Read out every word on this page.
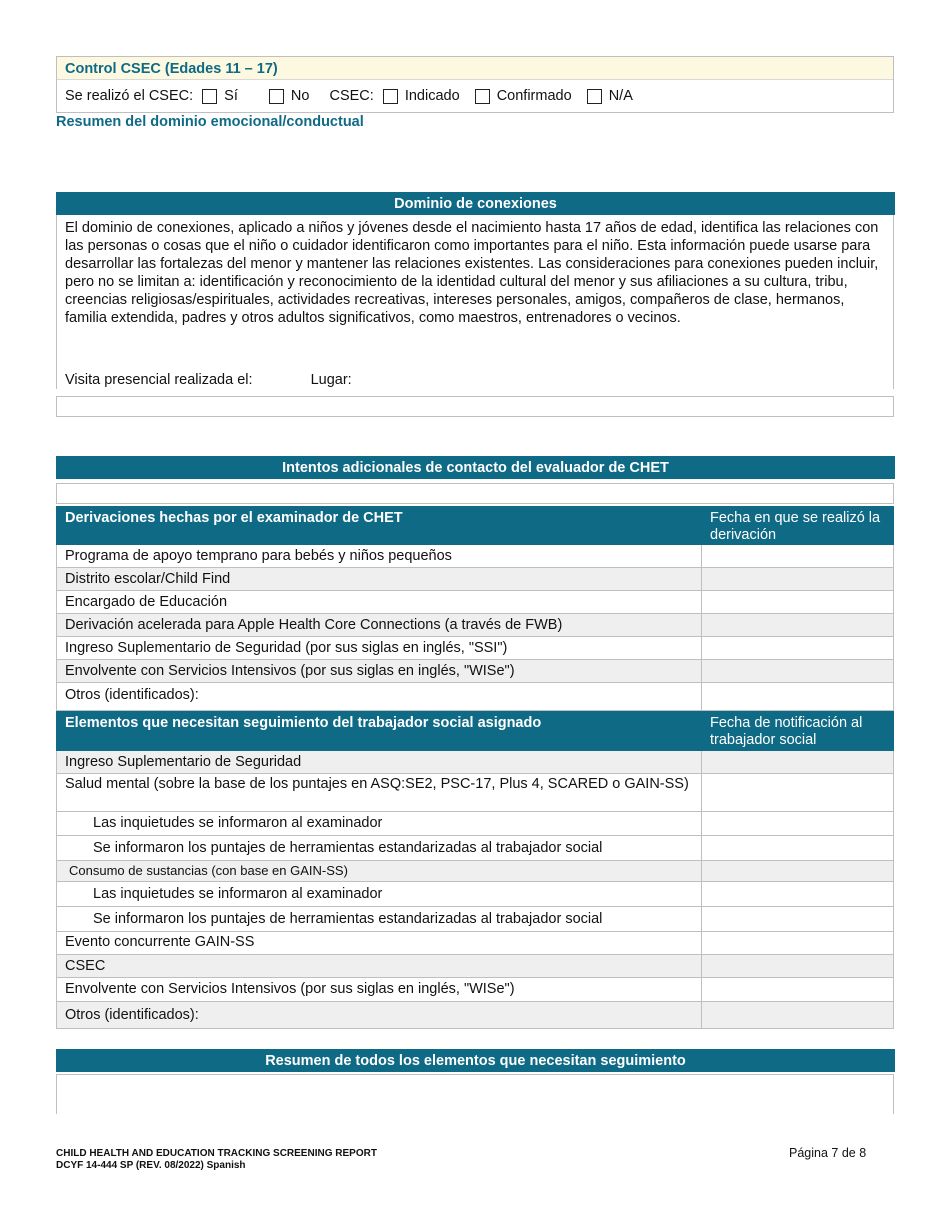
Control CSEC (Edades 11 – 17)
Se realizó el CSEC: Sí	No CSEC: Indicado	Confirmado	N/A
Resumen del dominio emocional/conductual
Dominio de conexiones
El dominio de conexiones, aplicado a niños y jóvenes desde el nacimiento hasta 17 años de edad, identifica las relaciones con las personas o cosas que el niño o cuidador identificaron como importantes para el niño. Esta información puede usarse para desarrollar las fortalezas del menor y mantener las relaciones existentes. Las consideraciones para conexiones pueden incluir, pero no se limitan a: identificación y reconocimiento de la identidad cultural del menor y sus afiliaciones a su cultura, tribu, creencias religiosas/espirituales, actividades recreativas, intereses personales, amigos, compañeros de clase, hermanos, familia extendida, padres y otros adultos significativos, como maestros, entrenadores o vecinos.
Visita presencial realizada el:	Lugar:
Intentos adicionales de contacto del evaluador de CHET
Derivaciones hechas por el examinador de CHET	Fecha en que se realizó la derivación
Programa de apoyo temprano para bebés y niños pequeños	
Distrito escolar/Child Find	
Encargado de Educación	
Derivación acelerada para Apple Health Core Connections (a través de FWB)	
Ingreso Suplementario de Seguridad (por sus siglas en inglés, "SSI")	
Envolvente con Servicios Intensivos (por sus siglas en inglés, "WISe")	
Otros (identificados):	
Elementos que necesitan seguimiento del trabajador social asignado	Fecha de notificación al trabajador social
Ingreso Suplementario de Seguridad	
Salud mental (sobre la base de los puntajes en ASQ:SE2, PSC-17, Plus 4, SCARED o GAIN-SS)	
Las inquietudes se informaron al examinador	
Se informaron los puntajes de herramientas estandarizadas al trabajador social	
Consumo de sustancias (con base en GAIN-SS)	
Las inquietudes se informaron al examinador	
Se informaron los puntajes de herramientas estandarizadas al trabajador social	
Evento concurrente GAIN-SS	
CSEC	
Envolvente con Servicios Intensivos (por sus siglas en inglés, "WISe")	
Otros (identificados):	
Resumen de todos los elementos que necesitan seguimiento
CHILD HEALTH AND EDUCATION TRACKING SCREENING REPORT
DCYF 14-444 SP (REV. 08/2022) Spanish
Página 7 de 8
